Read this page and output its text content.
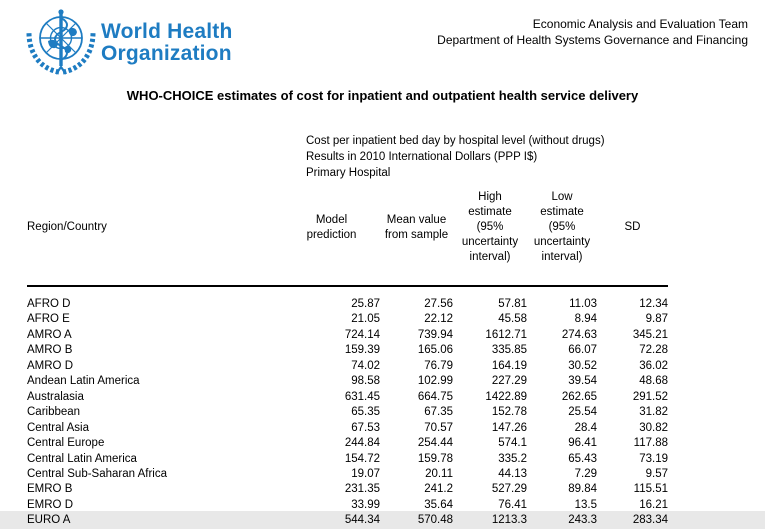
World Health
Organization
Economic Analysis and Evaluation Team
Department of Health Systems Governance and Financing
WHO-CHOICE estimates of cost for inpatient and outpatient health service delivery
Cost per inpatient bed day by hospital level (without drugs)
Results in 2010 International Dollars (PPP I$)
Primary Hospital
Region/Country	Model prediction	Mean value from sample	High estimate (95% uncertainty interval)	Low estimate (95% uncertainty interval)	SD
AFRO D	25.87	27.56	57.81	11.03	12.34
AFRO E	21.05	22.12	45.58	8.94	9.87
AMRO A	724.14	739.94	1612.71	274.63	345.21
AMRO B	159.39	165.06	335.85	66.07	72.28
AMRO D	74.02	76.79	164.19	30.52	36.02
Andean Latin America	98.58	102.99	227.29	39.54	48.68
Australasia	631.45	664.75	1422.89	262.65	291.52
Caribbean	65.35	67.35	152.78	25.54	31.82
Central Asia	67.53	70.57	147.26	28.4	30.82
Central Europe	244.84	254.44	574.1	96.41	117.88
Central Latin America	154.72	159.78	335.2	65.43	73.19
Central Sub-Saharan Africa	19.07	20.11	44.13	7.29	9.57
EMRO B	231.35	241.2	527.29	89.84	115.51
EMRO D	33.99	35.64	76.41	13.5	16.21
EURO A	544.34	570.48	1213.3	243.3	283.34
